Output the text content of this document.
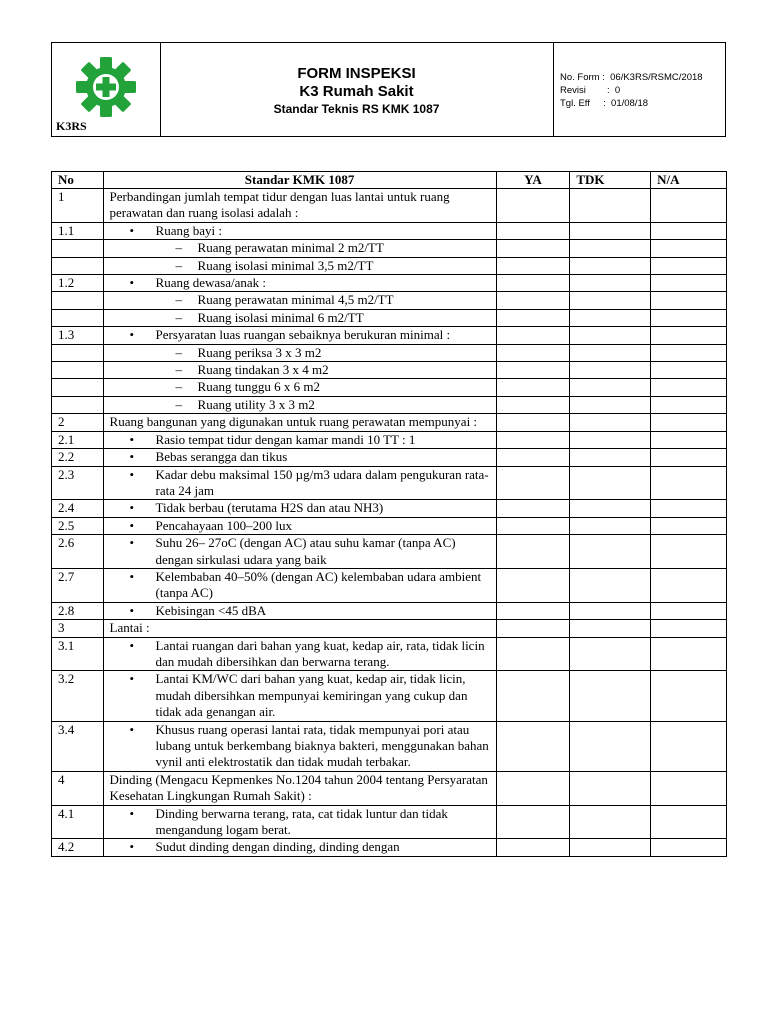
K3RS
FORM INSPEKSI
K3 Rumah Sakit
Standar Teknis RS KMK 1087
No. Form :  06/K3RS/RSMC/2018
Revisi        :  0
Tgl. Eff     :  01/08/18
No	Standar KMK 1087	YA	TDK	N/A
1	Perbandingan jumlah tempat tidur dengan luas lantai untuk ruang perawatan dan ruang isolasi adalah :			

1.1	• Ruang bayi :			

	– Ruang perawatan minimal 2 m2/TT			

	– Ruang isolasi minimal 3,5 m2/TT			

1.2	• Ruang dewasa/anak :			

	– Ruang perawatan minimal 4,5 m2/TT			

	– Ruang isolasi minimal 6 m2/TT			

1.3	• Persyaratan luas ruangan sebaiknya berukuran minimal :			

	– Ruang periksa 3 x 3 m2			

	– Ruang tindakan 3 x 4 m2			

	– Ruang tunggu 6 x 6 m2			

	– Ruang utility 3 x 3 m2			

2	Ruang bangunan yang digunakan untuk ruang perawatan mempunyai :			

2.1	• Rasio tempat tidur dengan kamar mandi 10 TT : 1			

2.2	• Bebas serangga dan tikus			

2.3	• Kadar debu maksimal 150 µg/m3 udara dalam pengukuran rata-rata 24 jam			

2.4	• Tidak berbau (terutama H2S dan atau NH3)			

2.5	• Pencahayaan 100–200 lux			

2.6	• Suhu 26– 27oC (dengan AC) atau suhu kamar (tanpa AC) dengan sirkulasi udara yang baik			

2.7	• Kelembaban 40–50% (dengan AC) kelembaban udara ambient (tanpa AC)			

2.8	• Kebisingan <45 dBA			

3	Lantai :			

3.1	• Lantai ruangan dari bahan yang kuat, kedap air, rata, tidak licin dan mudah dibersihkan dan berwarna terang.			

3.2	• Lantai KM/WC dari bahan yang kuat, kedap air, tidak licin, mudah dibersihkan mempunyai kemiringan yang cukup dan tidak ada genangan air.			

3.4	• Khusus ruang operasi lantai rata, tidak mempunyai pori atau lubang untuk berkembang biaknya bakteri, menggunakan bahan vynil anti elektrostatik dan tidak mudah terbakar.			

4	Dinding (Mengacu Kepmenkes No.1204 tahun 2004 tentang Persyaratan Kesehatan Lingkungan Rumah Sakit) :			

4.1	• Dinding berwarna terang, rata, cat tidak luntur dan tidak mengandung logam berat.			

4.2	• Sudut dinding dengan dinding, dinding dengan			
